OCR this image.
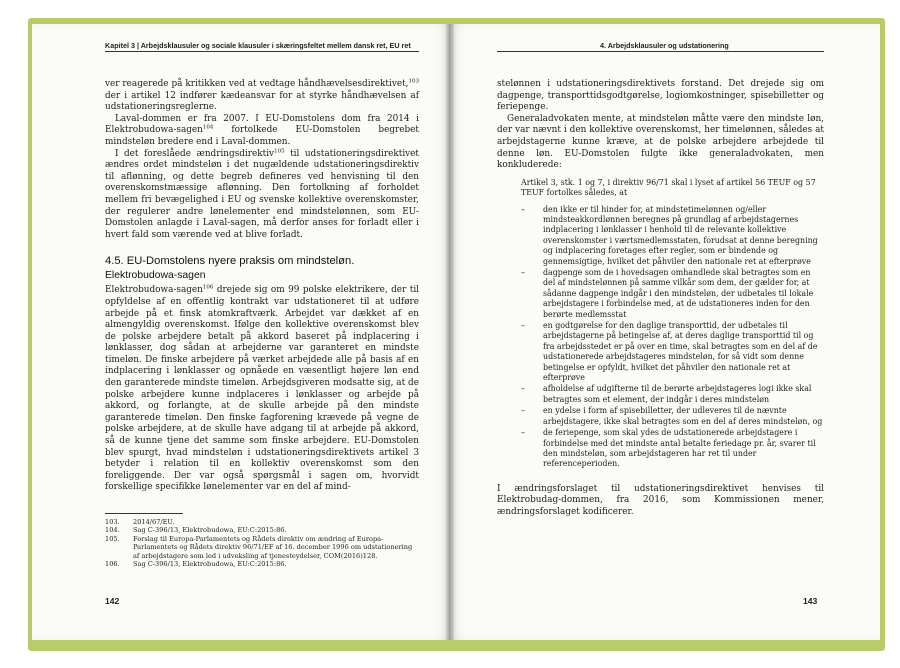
Kapitel 3 | Arbejdsklausuler og sociale klausuler i skæringsfeltet mellem dansk ret, EU ret

ver reagerede på kritikken ved at vedtage håndhævelsesdirektivet,$^{103}$ der i artikel 12 indfører kædeansvar for at styrke håndhævelsen af udstationeringsreglerne.

Laval-dommen er fra 2007. I EU-Domstolens dom fra 2014 i Elektrobudowa-sagen$^{104}$ fortolkede EU-Domstolen begrebet mindsteløn bredere end i Laval-dommen.

I det foreslåede ændringsdirektiv$^{105}$ til udstationeringsdirektivet ændres ordet mindsteløn i det nugældende udstationeringsdirektiv til aflønning, og dette begreb defineres ved henvisning til den overenskomstmæssige aflønning. Den fortolkning af forholdet mellem fri bevægelighed i EU og svenske kollektive overenskomster, der regulerer andre lønelementer end mindstelønnen, som EU-Domstolen anlagde i Laval-sagen, må derfor anses for forladt eller i hvert fald som værende ved at blive forladt.

4.5. EU-Domstolens nyere praksis om mindsteløn.
Elektrobudowa-sagen

Elektrobudowa-sagen$^{106}$ drejede sig om 99 polske elektrikere, der til opfyldelse af en offentlig kontrakt var udstationeret til at udføre arbejde på et finsk atomkraftværk. Arbejdet var dækket af en almengyldig overenskomst. Ifølge den kollektive overenskomst blev de polske arbejdere betalt på akkord baseret på indplacering i lønklasser, dog sådan at arbejderne var garanteret en mindste timeløn. De finske arbejdere på værket arbejdede alle på basis af en indplacering i lønklasser og opnåede en væsentligt højere løn end den garanterede mindste timeløn. Arbejdsgiveren modsatte sig, at de polske arbejdere kunne indplaceres i lønklasser og arbejde på akkord, og forlangte, at de skulle arbejde på den mindste garanterede timeløn. Den finske fagforening krævede på vegne de polske arbejdere, at de skulle have adgang til at arbejde på akkord, så de kunne tjene det samme som finske arbejdere. EU-Domstolen blev spurgt, hvad mindsteløn i udstationeringsdirektivets artikel 3 betyder i relation til en kollektiv overenskomst som den foreliggende. Der var også spørgsmål i sagen om, hvorvidt forskellige specifikke lønelementer var en del af mind-

103. 2014/67/EU.
104. Sag C-396/13, Elektrobudowa, EU:C:2015:86.
105. Forslag til Europa-Parlamentets og Rådets direktiv om ændring af Europa-Parlamentets og Rådets direktiv 96/71/EF af 16. december 1996 om udstationering af arbejdstagere som led i udveksling af tjenesteydelser, COM(2016)128.
106. Sag C-396/13, Elektrobudowa, EU:C:2015:86.
142
4. Arbejdsklausuler og udstationering

stelønnen i udstationeringsdirektivets forstand. Det drejede sig om dagpenge, transporttidsgodtgørelse, logiomkostninger, spisebilletter og feriepenge.

Generaladvokaten mente, at mindsteløn måtte være den mindste løn, der var nævnt i den kollektive overenskomst, her timelønnen, således at arbejdstagerne kunne kræve, at de polske arbejdere arbejdede til denne løn. EU-Domstolen fulgte ikke generaladvokaten, men konkluderede:

Artikel 3, stk. 1 og 7, i direktiv 96/71 skal i lyset af artikel 56 TEUF og 57 TEUF fortolkes således, at
– den ikke er til hinder for, at mindstetimelønnen og/eller mindsteakkordlønnen beregnes på grundlag af arbejdstagernes indplacering i lønklasser i henhold til de relevante kollektive overenskomster i værtsmedlemsstaten, forudsat at denne beregning og indplacering foretages efter regler, som er bindende og gennemsigtige, hvilket det påhviler den nationale ret at efterprøve
– dagpenge som de i hovedsagen omhandlede skal betragtes som en del af mindstelønnen på samme vilkår som dem, der gælder for, at sådanne dagpenge indgår i den mindsteløn, der udbetales til lokale arbejdstagere i forbindelse med, at de udstationeres inden for den berørte medlemsstat
– en godtgørelse for den daglige transporttid, der udbetales til arbejdstagerne på betingelse af, at deres daglige transporttid til og fra arbejdsstedet er på over en time, skal betragtes som en del af de udstationerede arbejdstageres mindsteløn, for så vidt som denne betingelse er opfyldt, hvilket det påhviler den nationale ret at efterprøve
– afholdelse af udgifterne til de berørte arbejdstageres logi ikke skal betragtes som et element, der indgår i deres mindsteløn
– en ydelse i form af spisebilletter, der udleveres til de nævnte arbejdstagere, ikke skal betragtes som en del af deres mindsteløn, og
– de feriepenge, som skal ydes de udstationerede arbejdstagere i forbindelse med det mindste antal betalte feriedage pr. år, svarer til den mindsteløn, som arbejdstageren har ret til under referenceperioden.

I ændringsforslaget til udstationeringsdirektivet henvises til Elektrobudag-dommen, fra 2016, som Kommissionen mener, ændringsforslaget kodificerer.

143
